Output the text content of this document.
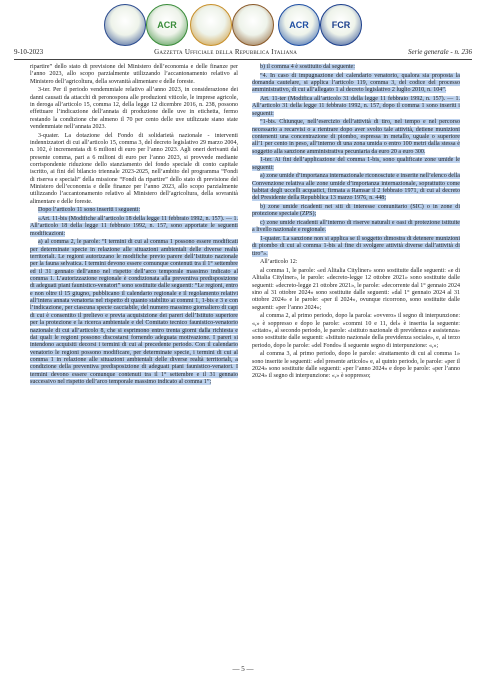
ACR	ACR	FCR
9-10-2023	Gazzetta Ufficiale della Repubblica Italiana	Serie generale - n. 236

ripartire” dello stato di previsione del Ministero dell’economia e delle finanze per l’anno 2023, allo scopo parzialmente utilizzando l’accantonamento relativo al Ministero dell’agricoltura, della sovranità alimentare e delle foreste.

3-ter. Per il periodo vendemmiale relativo all’anno 2023, in considerazione dei danni causati da attacchi di peronospora alle produzioni viticole, le imprese agricole, in deroga all’articolo 15, comma 12, della legge 12 dicembre 2016, n. 238, possono effettuare l’indicazione dell’annata di produzione delle uve in etichetta, fermo restando la condizione che almeno il 70 per cento delle uve utilizzate siano state vendemmiate nell’annata 2023.

3-quater. La dotazione del Fondo di solidarietà nazionale - interventi indennizzatori di cui all’articolo 15, comma 3, del decreto legislativo 29 marzo 2004, n. 102, è incrementata di 6 milioni di euro per l’anno 2023. Agli oneri derivanti dal presente comma, pari a 6 milioni di euro per l’anno 2023, si provvede mediante corrispondente riduzione dello stanziamento del fondo speciale di conto capitale iscritto, ai fini del bilancio triennale 2023-2025, nell’ambito del programma “Fondi di riserva e speciali” della missione “Fondi da ripartire” dello stato di previsione del Ministero dell’economia e delle finanze per l’anno 2023, allo scopo parzialmente utilizzando l’accantonamento relativo al Ministero dell’agricoltura, della sovranità alimentare e delle foreste.

Dopo l’articolo 11 sono inseriti i seguenti:

«Art. 11-bis (Modifiche all’articolo 18 della legge 11 febbraio 1992, n. 157). — 1. All’articolo 18 della legge 11 febbraio 1992, n. 157, sono apportate le seguenti modificazioni:

a) al comma 2, le parole: “I termini di cui al comma 1 possono essere modificati per determinate specie in relazione alle situazioni ambientali delle diverse realtà territoriali. Le regioni autorizzano le modifiche previo parere dell’Istituto nazionale per la fauna selvatica. I termini devono essere comunque contenuti tra il 1° settembre ed il 31 gennaio dell’anno nel rispetto dell’arco temporale massimo indicato al comma 1. L’autorizzazione regionale è condizionata alla preventiva predisposizione di adeguati piani faunistico-venatori” sono sostituite dalle seguenti: “Le regioni, entro e non oltre il 15 giugno, pubblicano il calendario regionale e il regolamento relativi all’intera annata venatoria nel rispetto di quanto stabilito ai commi 1, 1-bis e 3 e con l’indicazione, per ciascuna specie cacciabile, del numero massimo giornaliero di capi di cui è consentito il prelievo e previa acquisizione dei pareri dell’Istituto superiore per la protezione e la ricerca ambientale e del Comitato tecnico faunistico-venatorio nazionale di cui all’articolo 8, che si esprimono entro trenta giorni dalla richiesta e dai quali le regioni possono discostarsi fornendo adeguata motivazione. I pareri si intendono acquisiti decorsi i termini di cui al precedente periodo. Con il calendario venatorio le regioni possono modificare, per determinate specie, i termini di cui al comma 1 in relazione alle situazioni ambientali delle diverse realtà territoriali, a condizione della preventiva predisposizione di adeguati piani faunistico-venatori. I termini devono essere comunque contenuti tra il 1° settembre e il 31 gennaio successivo nel rispetto dell’arco temporale massimo indicato al comma 1”;

b) il comma 4 è sostituito dal seguente:

“4. In caso di impugnazione del calendario venatorio, qualora sia proposta la domanda cautelare, si applica l’articolo 119, comma 3, del codice del processo amministrativo, di cui all’allegato 1 al decreto legislativo 2 luglio 2010, n. 104”.

Art. 11-ter (Modifica all’articolo 31 della legge 11 febbraio 1992, n. 157). — 1. All’articolo 31 della legge 11 febbraio 1992, n. 157, dopo il comma 1 sono inseriti i seguenti:

“1-bis. Chiunque, nell’esercizio dell’attività di tiro, nel tempo e nel percorso necessario a recarvisi o a rientrare dopo aver svolto tale attività, detiene munizioni contenenti una concentrazione di piombo, espressa in metallo, uguale o superiore all’1 per cento in peso, all’interno di una zona umida o entro 100 metri dalla stessa è soggetto alla sanzione amministrativa pecuniaria da euro 20 a euro 300.

1-ter. Ai fini dell’applicazione del comma 1-bis, sono qualificate zone umide le seguenti:

a) zone umide d’importanza internazionale riconosciute e inserite nell’elenco della Convenzione relativa alle zone umide d’importanza internazionale, soprattutto come habitat degli uccelli acquatici, firmata a Ramsar il 2 febbraio 1971, di cui al decreto del Presidente della Repubblica 13 marzo 1976, n. 448;

b) zone umide ricadenti nei siti di interesse comunitario (SIC) o in zone di protezione speciale (ZPS);

c) zone umide ricadenti all’interno di riserve naturali e oasi di protezione istituite a livello nazionale e regionale.

1-quater. La sanzione non si applica se il soggetto dimostra di detenere munizioni di piombo di cui al comma 1-bis al fine di svolgere attività diverse dall’attività di tiro”».

All’articolo 12:

al comma 1, le parole: «ed Alitalia Cityliner» sono sostituite dalle seguenti: «e di Alitalia Cityliner», le parole: «decreto-legge 12 ottobre 2021» sono sostituite dalle seguenti: «decreto-legge 21 ottobre 2021», le parole: «decorrente dal 1° gennaio 2024 sino al 31 ottobre 2024» sono sostituite dalle seguenti: «dal 1° gennaio 2024 al 31 ottobre 2024» e le parole: «per il 2024», ovunque ricorrono, sono sostituite dalle seguenti: «per l’anno 2024»;

al comma 2, al primo periodo, dopo la parola: «ovvero» il segno di interpunzione: «,» è soppresso e dopo le parole: «commi 10 e 11, del» è inserita la seguente: «citato», al secondo periodo, le parole: «istituto nazionale di previdenza e assistenza» sono sostituite dalle seguenti: «Istituto nazionale della previdenza sociale», e, al terzo periodo, dopo le parole: «del Fondo» il seguente segno di interpunzione: «,»;

al comma 3, al primo periodo, dopo le parole: «trattamento di cui al comma 1» sono inserite le seguenti: «del presente articolo» e, al quinto periodo, le parole: «per il 2024» sono sostituite dalle seguenti: «per l’anno 2024» e dopo le parole: «per l’anno 2024» il segno di interpunzione: «,» è soppresso;

— 5 —
